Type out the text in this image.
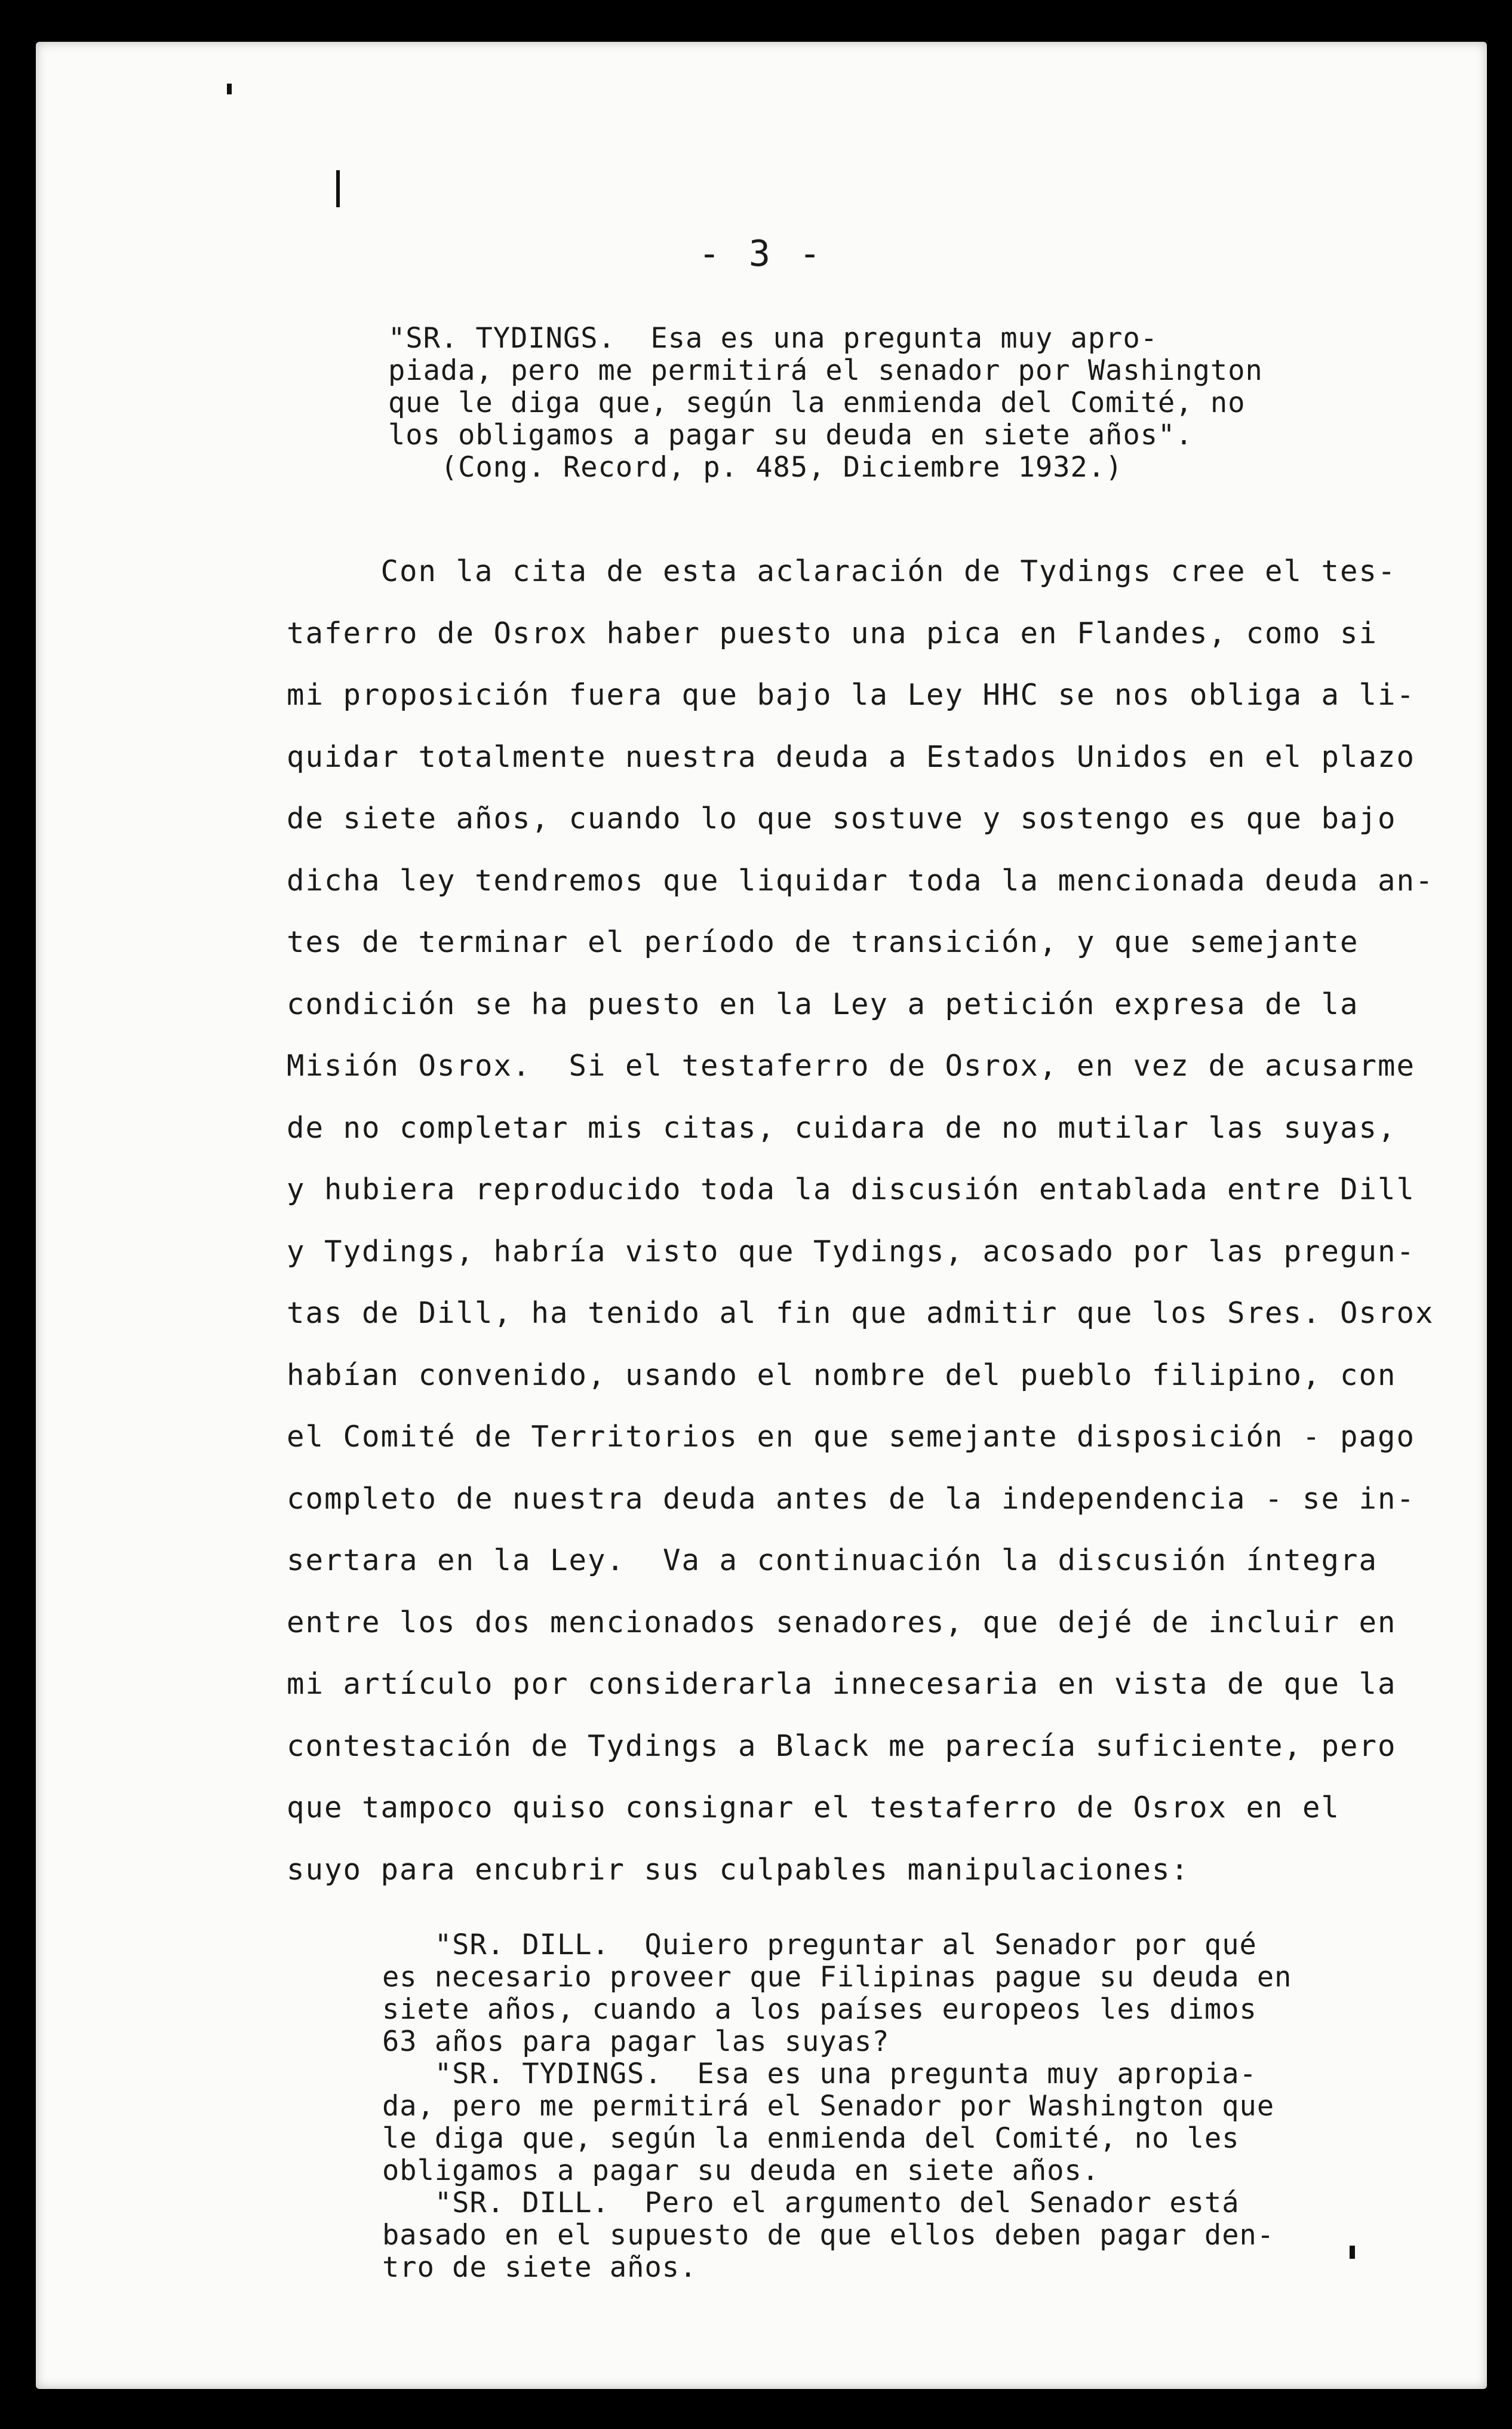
- 3 -
"SR. TYDINGS.  Esa es una pregunta muy apro-
piada, pero me permitirá el senador por Washington
que le diga que, según la enmienda del Comité, no
los obligamos a pagar su deuda en siete años".
(Cong. Record, p. 485, Diciembre 1932.)
Con la cita de esta aclaración de Tydings cree el tes-
taferro de Osrox haber puesto una pica en Flandes, como si
mi proposición fuera que bajo la Ley HHC se nos obliga a li-
quidar totalmente nuestra deuda a Estados Unidos en el plazo
de siete años, cuando lo que sostuve y sostengo es que bajo
dicha ley tendremos que liquidar toda la mencionada deuda an-
tes de terminar el período de transición, y que semejante
condición se ha puesto en la Ley a petición expresa de la
Misión Osrox.  Si el testaferro de Osrox, en vez de acusarme
de no completar mis citas, cuidara de no mutilar las suyas,
y hubiera reproducido toda la discusión entablada entre Dill
y Tydings, habría visto que Tydings, acosado por las pregun-
tas de Dill, ha tenido al fin que admitir que los Sres. Osrox
habían convenido, usando el nombre del pueblo filipino, con
el Comité de Territorios en que semejante disposición - pago
completo de nuestra deuda antes de la independencia - se in-
sertara en la Ley.  Va a continuación la discusión íntegra
entre los dos mencionados senadores, que dejé de incluir en
mi artículo por considerarla innecesaria en vista de que la
contestación de Tydings a Black me parecía suficiente, pero
que tampoco quiso consignar el testaferro de Osrox en el
suyo para encubrir sus culpables manipulaciones:
"SR. DILL.  Quiero preguntar al Senador por qué
es necesario proveer que Filipinas pague su deuda en
siete años, cuando a los países europeos les dimos
63 años para pagar las suyas?
"SR. TYDINGS.  Esa es una pregunta muy apropia-
da, pero me permitirá el Senador por Washington que
le diga que, según la enmienda del Comité, no les
obligamos a pagar su deuda en siete años.
"SR. DILL.  Pero el argumento del Senador está
basado en el supuesto de que ellos deben pagar den-
tro de siete años.
